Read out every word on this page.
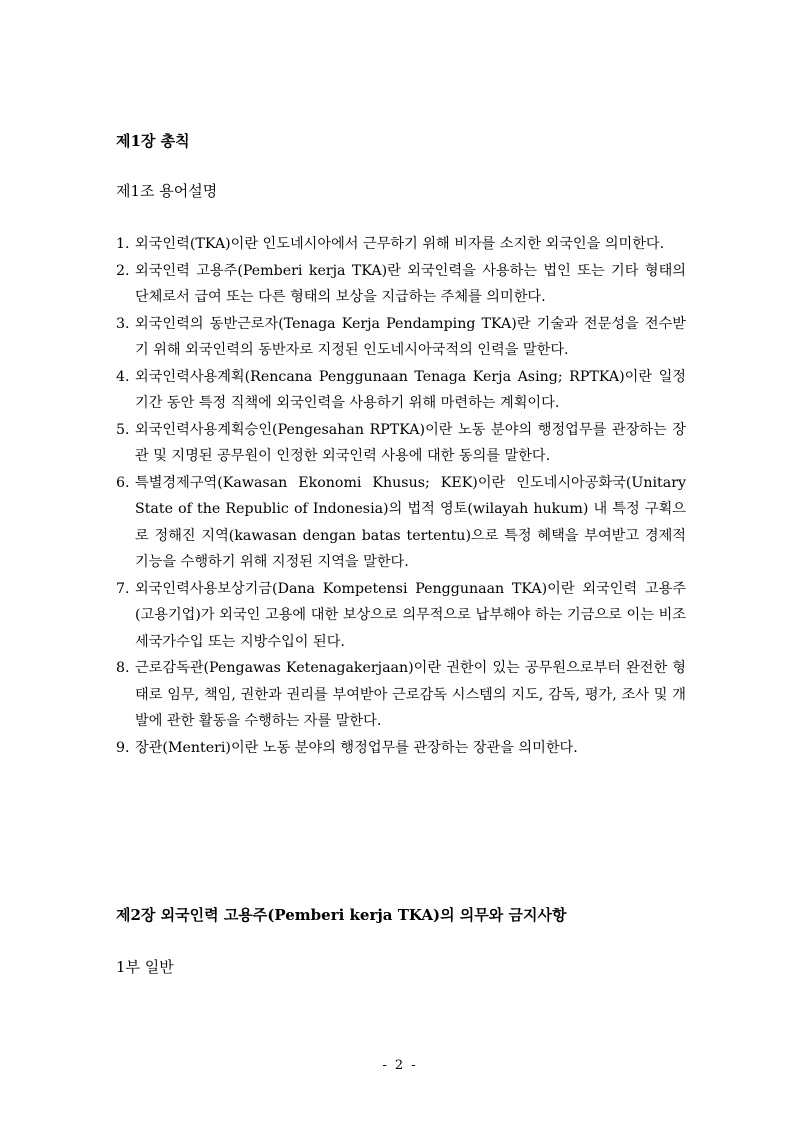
제1장 총칙
제1조 용어설명
1. 외국인력(TKA)이란 인도네시아에서 근무하기 위해 비자를 소지한 외국인을 의미한다.
2. 외국인력 고용주(Pemberi kerja TKA)란 외국인력을 사용하는 법인 또는 기타 형태의 단체로서 급여 또는 다른 형태의 보상을 지급하는 주체를 의미한다.
3. 외국인력의 동반근로자(Tenaga Kerja Pendamping TKA)란 기술과 전문성을 전수받기 위해 외국인력의 동반자로 지정된 인도네시아국적의 인력을 말한다.
4. 외국인력사용계획(Rencana Penggunaan Tenaga Kerja Asing; RPTKA)이란 일정기간 동안 특정 직책에 외국인력을 사용하기 위해 마련하는 계획이다.
5. 외국인력사용계획승인(Pengesahan RPTKA)이란 노동 분야의 행정업무를 관장하는 장관 및 지명된 공무원이 인정한 외국인력 사용에 대한 동의를 말한다.
6. 특별경제구역(Kawasan Ekonomi Khusus; KEK)이란 인도네시아공화국(Unitary State of the Republic of Indonesia)의 법적 영토(wilayah hukum) 내 특정 구획으로 정해진 지역(kawasan dengan batas tertentu)으로 특정 혜택을 부여받고 경제적 기능을 수행하기 위해 지정된 지역을 말한다.
7. 외국인력사용보상기금(Dana Kompetensi Penggunaan TKA)이란 외국인력 고용주(고용기업)가 외국인 고용에 대한 보상으로 의무적으로 납부해야 하는 기금으로 이는 비조세국가수입 또는 지방수입이 된다.
8. 근로감독관(Pengawas Ketenagakerjaan)이란 권한이 있는 공무원으로부터 완전한 형태로 임무, 책임, 권한과 권리를 부여받아 근로감독 시스템의 지도, 감독, 평가, 조사 및 개발에 관한 활동을 수행하는 자를 말한다.
9. 장관(Menteri)이란 노동 분야의 행정업무를 관장하는 장관을 의미한다.
제2장 외국인력 고용주(Pemberi kerja TKA)의 의무와 금지사항
1부 일반
- 2 -
